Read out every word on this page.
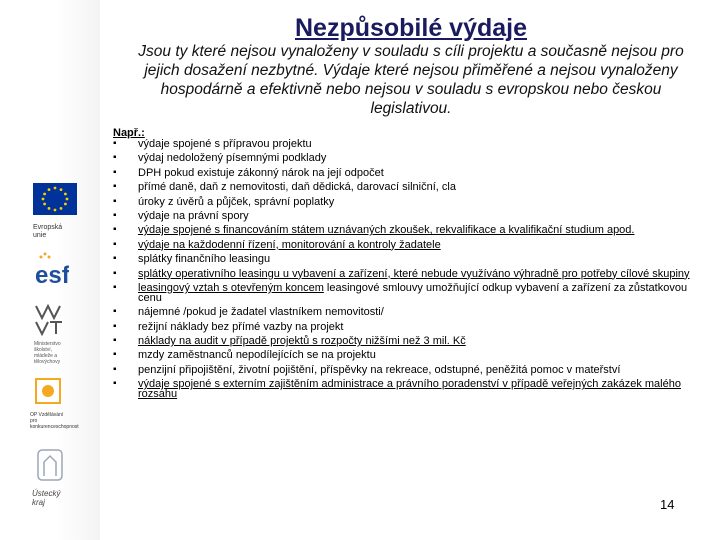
Evropská unie
esf
Ministerstvo školství, mládeže a tělovýchovy
OP Vzdělávání pro konkurenceschopnost
Ústecký kraj
Nezpůsobilé výdaje
Jsou ty které nejsou vynaloženy v souladu s cíli projektu a současně nejsou pro jejich dosažení nezbytné. Výdaje které nejsou přiměřené a nejsou vynaloženy hospodárně a efektivně nebo nejsou v souladu s evropskou nebo českou legislativou.
Např.:
▪ výdaje spojené s přípravou projektu
▪ výdaj nedoložený písemnými podklady
▪ DPH pokud existuje zákonný nárok na její odpočet
▪ přímé daně, daň z nemovitosti, daň dědická, darovací silniční, cla
▪ úroky z úvěrů a půjček, správní poplatky
▪ výdaje na právní spory
▪ výdaje spojené s financováním státem uznávaných zkoušek, rekvalifikace a kvalifikační studium apod.
▪ výdaje na každodenní řízení, monitorování a kontroly žadatele
▪ splátky finančního leasingu
▪ splátky operativního leasingu u vybavení a zařízení, které nebude využíváno výhradně pro potřeby cílové skupiny
▪ leasingový vztah s otevřeným koncem leasingové smlouvy umožňující odkup vybavení a zařízení za zůstatkovou cenu
▪ nájemné /pokud je žadatel vlastníkem nemovitosti/
▪ režijní náklady bez přímé vazby na projekt
▪ náklady na audit v případě projektů s rozpočty nižšími než 3 mil. Kč
▪ mzdy zaměstnanců nepodílejících se na projektu
▪ penzijní připojištění, životní pojištění, příspěvky na rekreace, odstupné, peněžitá pomoc v mateřství
▪ výdaje spojené s externím zajištěním administrace a právního poradenství v případě veřejných zakázek malého rozsahu
14
